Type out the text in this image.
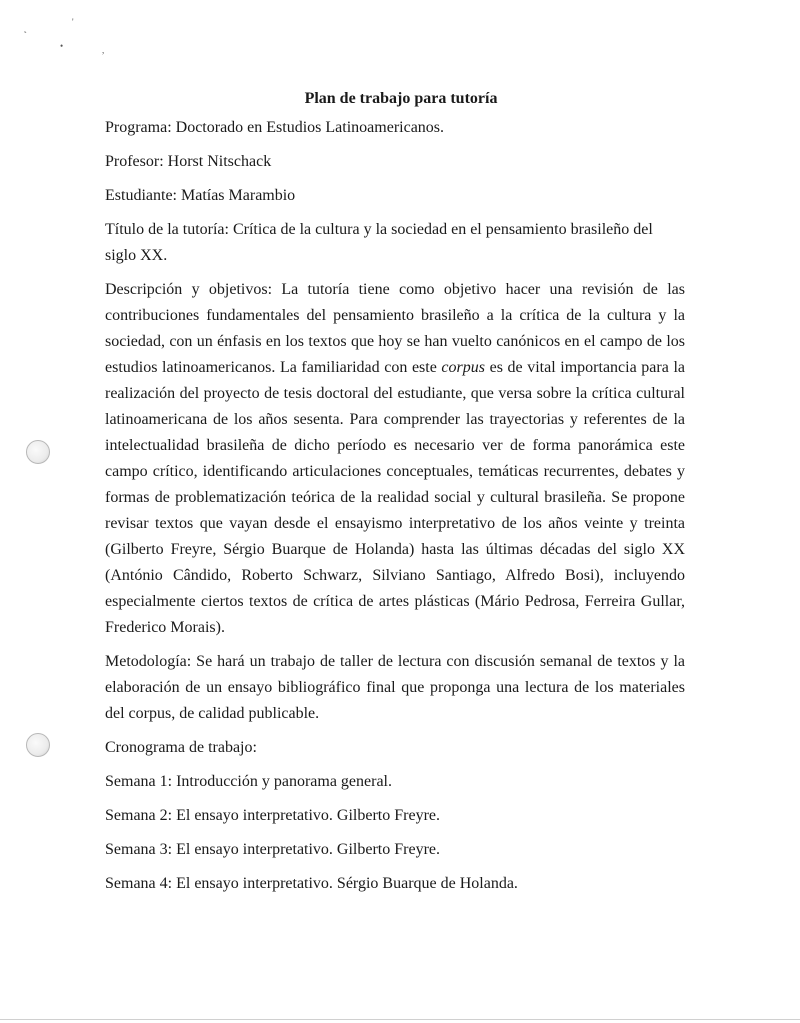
˛
'
•	,
Plan de trabajo para tutoría

Programa: Doctorado en Estudios Latinoamericanos.

Profesor: Horst Nitschack

Estudiante: Matías Marambio

Título de la tutoría: Crítica de la cultura y la sociedad en el pensamiento brasileño del siglo XX.

Descripción y objetivos: La tutoría tiene como objetivo hacer una revisión de las contribuciones fundamentales del pensamiento brasileño a la crítica de la cultura y la sociedad, con un énfasis en los textos que hoy se han vuelto canónicos en el campo de los estudios latinoamericanos. La familiaridad con este corpus es de vital importancia para la realización del proyecto de tesis doctoral del estudiante, que versa sobre la crítica cultural latinoamericana de los años sesenta. Para comprender las trayectorias y referentes de la intelectualidad brasileña de dicho período es necesario ver de forma panorámica este campo crítico, identificando articulaciones conceptuales, temáticas recurrentes, debates y formas de problematización teórica de la realidad social y cultural brasileña. Se propone revisar textos que vayan desde el ensayismo interpretativo de los años veinte y treinta (Gilberto Freyre, Sérgio Buarque de Holanda) hasta las últimas décadas del siglo XX (António Cândido, Roberto Schwarz, Silviano Santiago, Alfredo Bosi), incluyendo especialmente ciertos textos de crítica de artes plásticas (Mário Pedrosa, Ferreira Gullar, Frederico Morais).

Metodología: Se hará un trabajo de taller de lectura con discusión semanal de textos y la elaboración de un ensayo bibliográfico final que proponga una lectura de los materiales del corpus, de calidad publicable.

Cronograma de trabajo:

Semana 1: Introducción y panorama general.

Semana 2: El ensayo interpretativo. Gilberto Freyre.

Semana 3: El ensayo interpretativo. Gilberto Freyre.

Semana 4: El ensayo interpretativo. Sérgio Buarque de Holanda.
